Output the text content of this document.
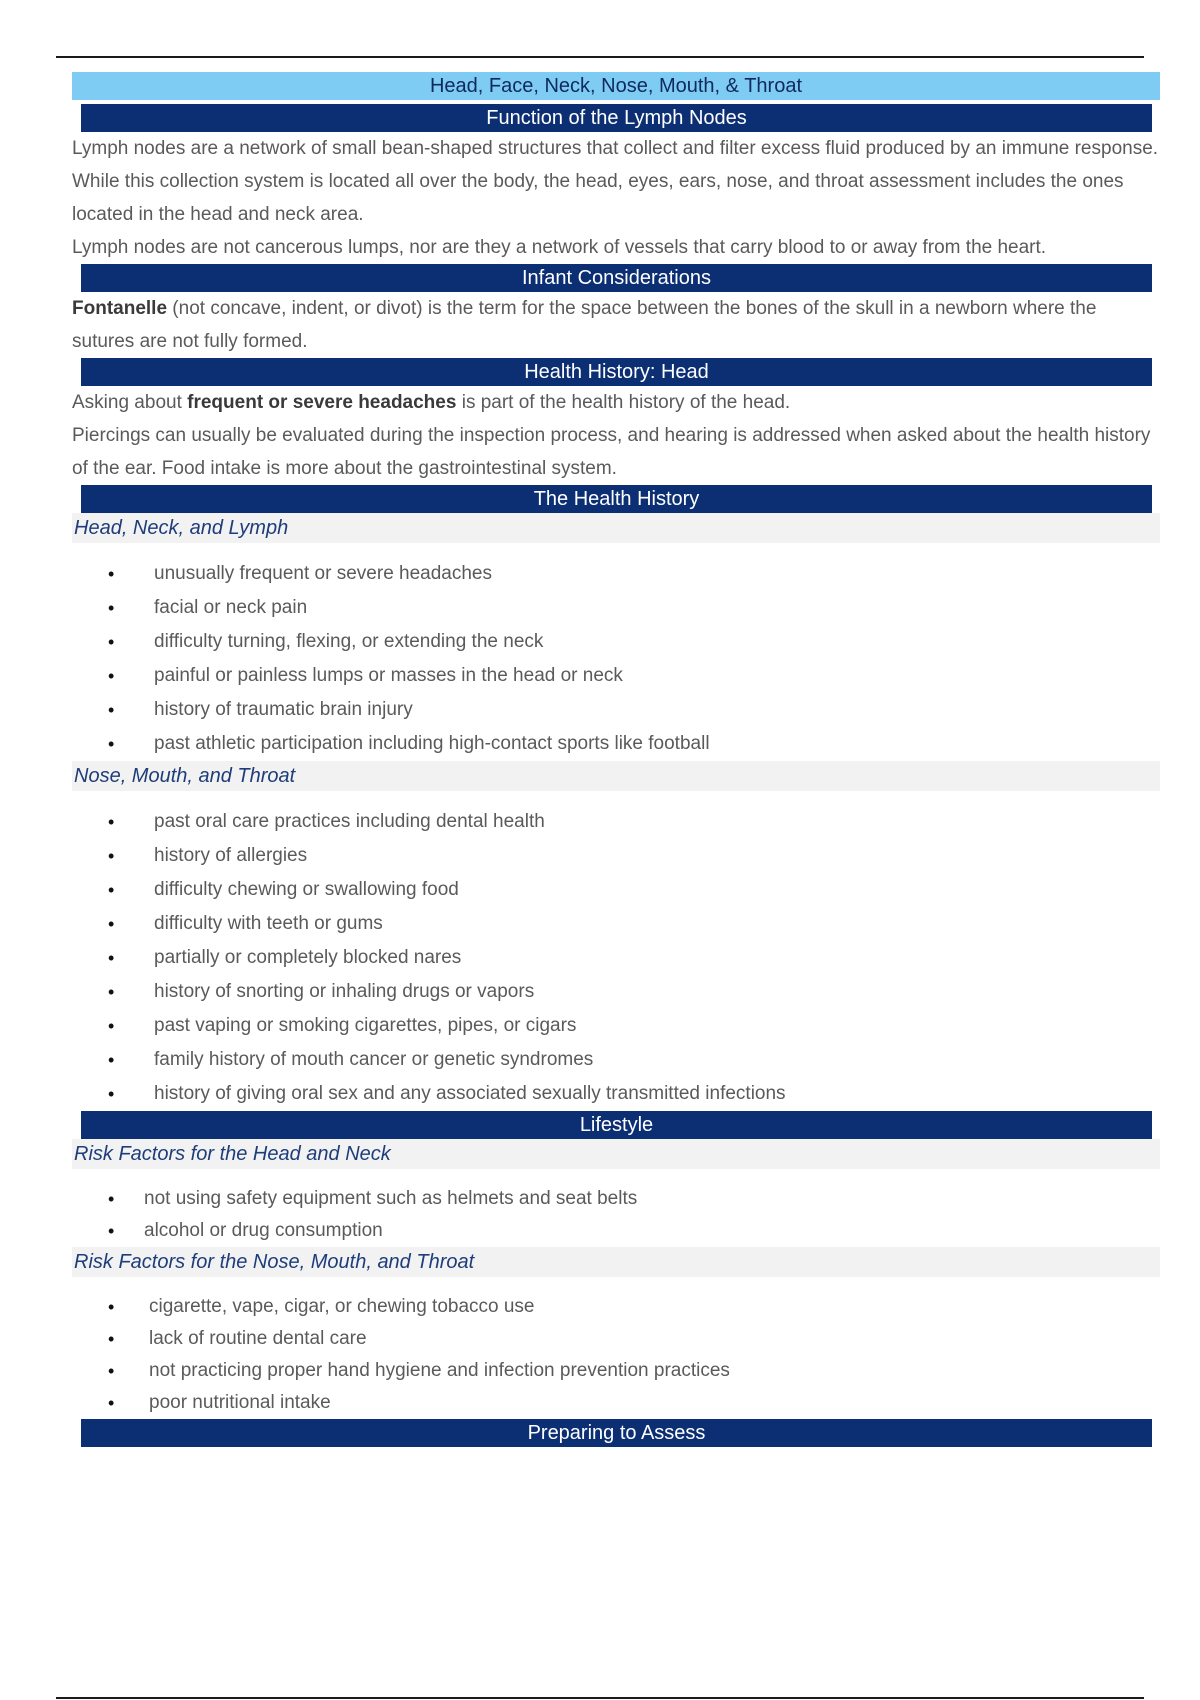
Head, Face, Neck, Nose, Mouth, & Throat
Function of the Lymph Nodes

Lymph nodes are a network of small bean-shaped structures that collect and filter excess fluid produced by an immune response. While this collection system is located all over the body, the head, eyes, ears, nose, and throat assessment includes the ones located in the head and neck area.

Lymph nodes are not cancerous lumps, nor are they a network of vessels that carry blood to or away from the heart.

Infant Considerations

Fontanelle (not concave, indent, or divot) is the term for the space between the bones of the skull in a newborn where the sutures are not fully formed.

Health History: Head

Asking about frequent or severe headaches is part of the health history of the head.

Piercings can usually be evaluated during the inspection process, and hearing is addressed when asked about the health history of the ear. Food intake is more about the gastrointestinal system.

The Health History
Head, Neck, and Lymph
• unusually frequent or severe headaches
• facial or neck pain
• difficulty turning, flexing, or extending the neck
• painful or painless lumps or masses in the head or neck
• history of traumatic brain injury
• past athletic participation including high-contact sports like football
Nose, Mouth, and Throat
• past oral care practices including dental health
• history of allergies
• difficulty chewing or swallowing food
• difficulty with teeth or gums
• partially or completely blocked nares
• history of snorting or inhaling drugs or vapors
• past vaping or smoking cigarettes, pipes, or cigars
• family history of mouth cancer or genetic syndromes
• history of giving oral sex and any associated sexually transmitted infections
Lifestyle
Risk Factors for the Head and Neck
• not using safety equipment such as helmets and seat belts
• alcohol or drug consumption
Risk Factors for the Nose, Mouth, and Throat
• cigarette, vape, cigar, or chewing tobacco use
• lack of routine dental care
• not practicing proper hand hygiene and infection prevention practices
• poor nutritional intake
Preparing to Assess
